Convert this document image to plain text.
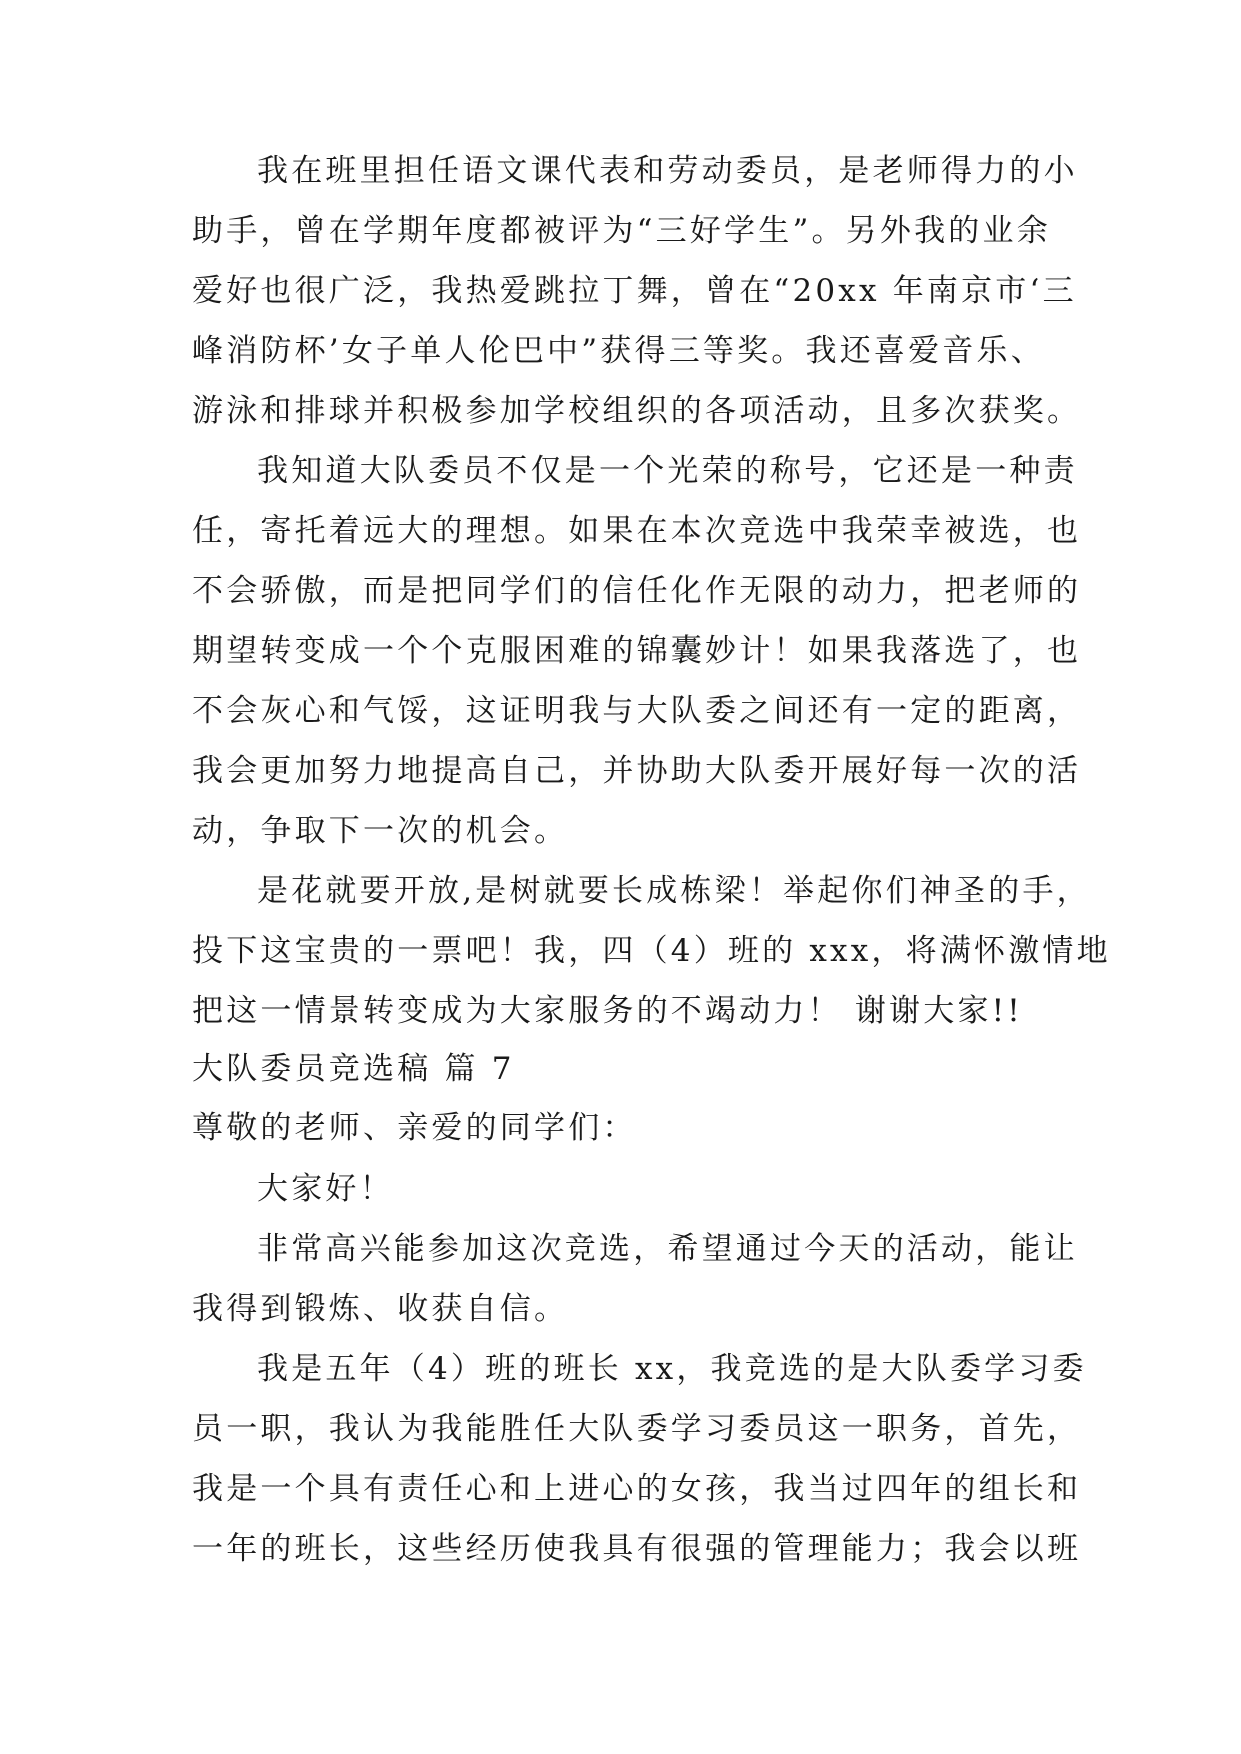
我在班里担任语文课代表和劳动委员，是老师得力的小
助手，曾在学期年度都被评为“三好学生”。另外我的业余
爱好也很广泛，我热爱跳拉丁舞，曾在“20xx 年南京市‘三
峰消防杯’女子单人伦巴中”获得三等奖。我还喜爱音乐、
游泳和排球并积极参加学校组织的各项活动，且多次获奖。
我知道大队委员不仅是一个光荣的称号，它还是一种责
任，寄托着远大的理想。如果在本次竞选中我荣幸被选，也
不会骄傲，而是把同学们的信任化作无限的动力，把老师的
期望转变成一个个克服困难的锦囊妙计！如果我落选了，也
不会灰心和气馁，这证明我与大队委之间还有一定的距离，
我会更加努力地提高自己，并协助大队委开展好每一次的活
动，争取下一次的机会。
是花就要开放,是树就要长成栋梁！举起你们神圣的手，
投下这宝贵的一票吧！我，四（4）班的 xxx，将满怀激情地
把这一情景转变成为大家服务的不竭动力！ 谢谢大家!!
大队委员竞选稿 篇 7
尊敬的老师、亲爱的同学们：
大家好！
非常高兴能参加这次竞选，希望通过今天的活动，能让
我得到锻炼、收获自信。
我是五年（4）班的班长 xx，我竞选的是大队委学习委
员一职，我认为我能胜任大队委学习委员这一职务，首先，
我是一个具有责任心和上进心的女孩，我当过四年的组长和
一年的班长，这些经历使我具有很强的管理能力；我会以班
